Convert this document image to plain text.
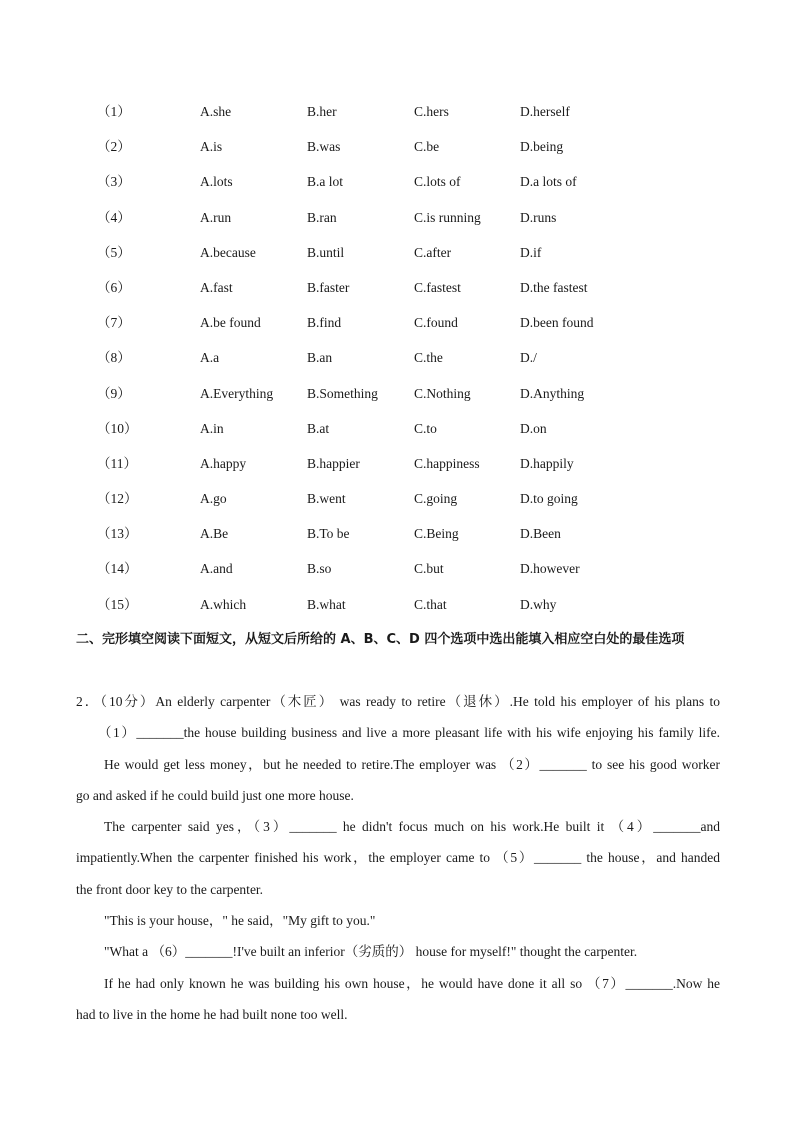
（1）	A.she	B.her	C.hers	D.herself
（2）	A.is	B.was	C.be	D.being
（3）	A.lots	B.a lot	C.lots of	D.a lots of
（4）	A.run	B.ran	C.is running	D.runs
（5）	A.because	B.until	C.after	D.if
（6）	A.fast	B.faster	C.fastest	D.the fastest
（7）	A.be found	B.find	C.found	D.been found
（8）	A.a	B.an	C.the	D./
（9）	A.Everything	B.Something	C.Nothing	D.Anything
（10）	A.in	B.at	C.to	D.on
（11）	A.happy	B.happier	C.happiness	D.happily
（12）	A.go	B.went	C.going	D.to going
（13）	A.Be	B.To be	C.Being	D.Been
（14）	A.and	B.so	C.but	D.however
（15）	A.which	B.what	C.that	D.why
二、完形填空阅读下面短文，从短文后所给的 A、B、C、D 四个选项中选出能填入相应空白处的最佳选项
2．（10分）An elderly carpenter（木匠） was ready to retire（退休）.He told his employer of his plans to
（1）_______the house building business and live a more pleasant life with his wife enjoying his family life.
He would get less money，but he needed to retire.The employer was （2）_______ to see his good worker
go and asked if he could build just one more house.
The carpenter said yes，（3）_______ he didn't focus much on his work.He built it （4）_______and
impatiently.When the carpenter finished his work，the employer came to （5）_______ the house，and handed
the front door key to the carpenter.
"This is your house，" he said，"My gift to you."
"What a （6）_______!I've built an inferior（劣质的） house for myself!" thought the carpenter.
If he had only known he was building his own house，he would have done it all so （7）_______.Now he
had to live in the home he had built none too well.
